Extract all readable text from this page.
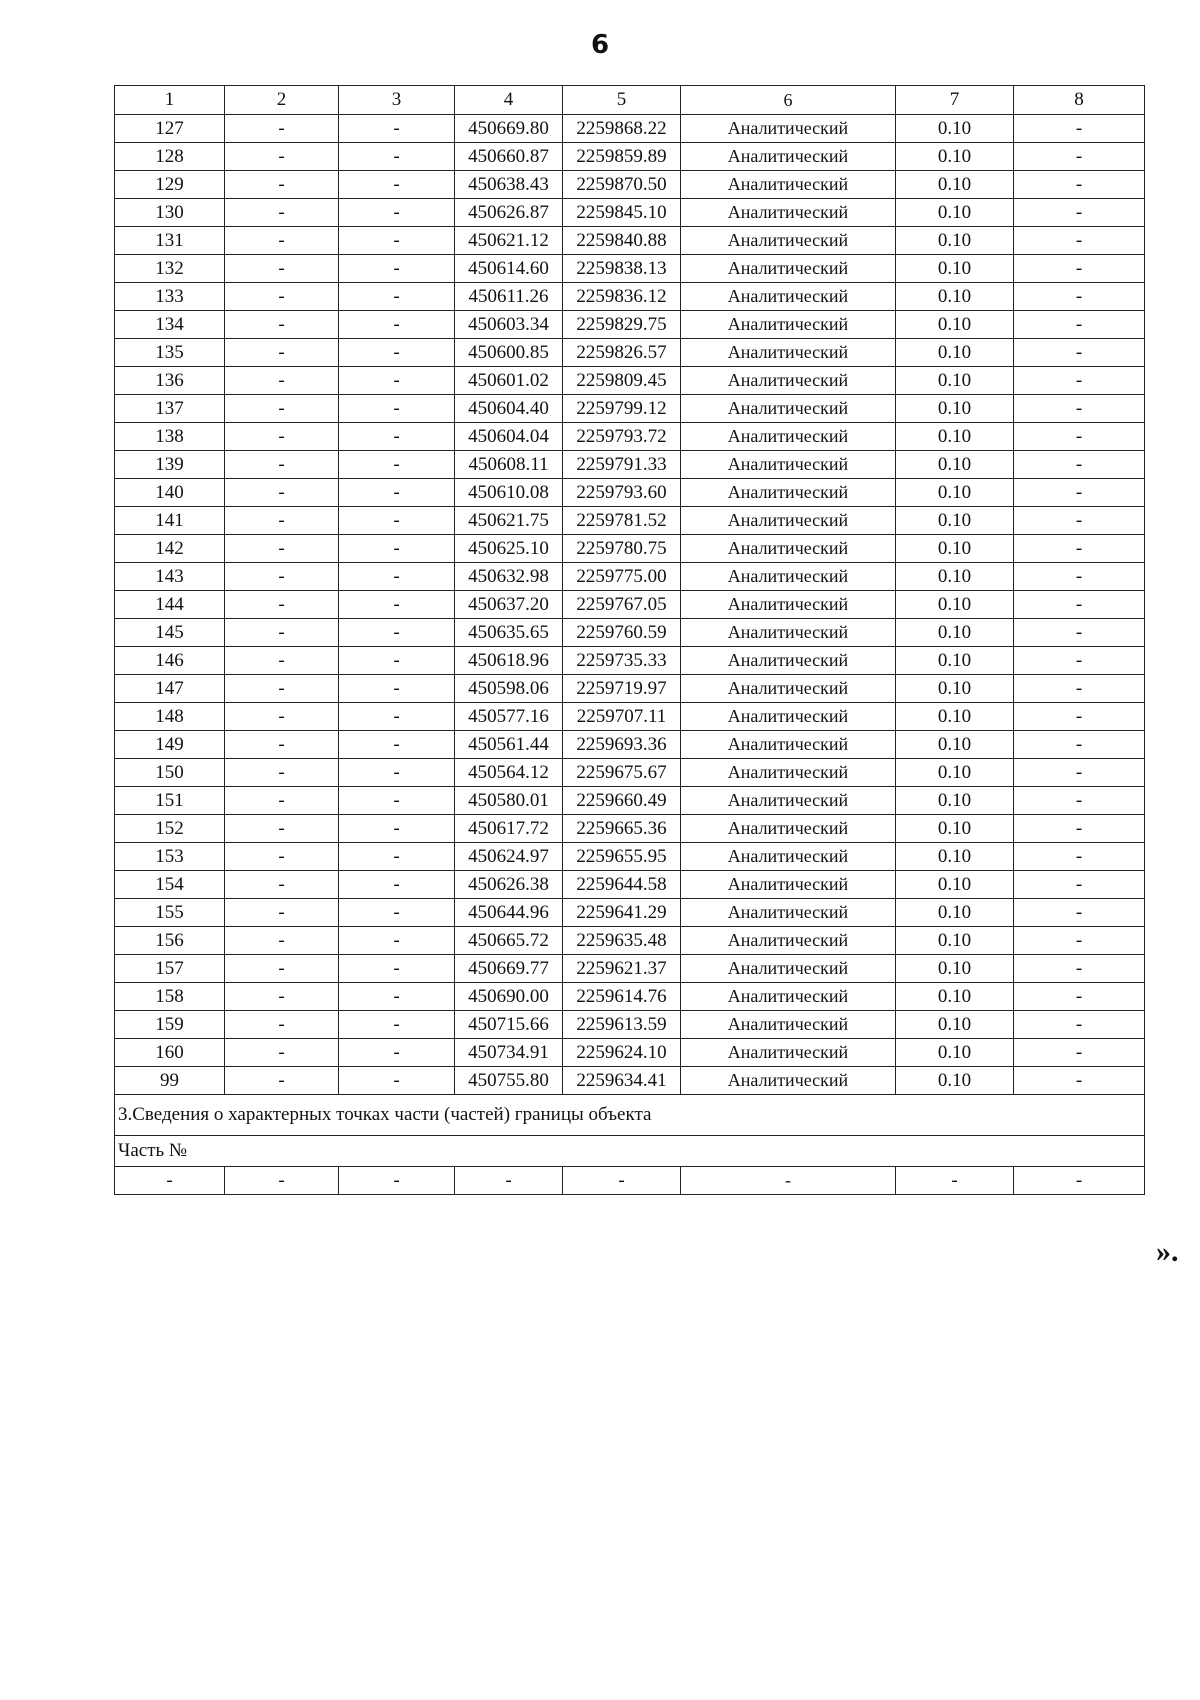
6
1	2	3	4	5	6	7	8
127	-	-	450669.80	2259868.22	Аналитический	0.10	-
128	-	-	450660.87	2259859.89	Аналитический	0.10	-
129	-	-	450638.43	2259870.50	Аналитический	0.10	-
130	-	-	450626.87	2259845.10	Аналитический	0.10	-
131	-	-	450621.12	2259840.88	Аналитический	0.10	-
132	-	-	450614.60	2259838.13	Аналитический	0.10	-
133	-	-	450611.26	2259836.12	Аналитический	0.10	-
134	-	-	450603.34	2259829.75	Аналитический	0.10	-
135	-	-	450600.85	2259826.57	Аналитический	0.10	-
136	-	-	450601.02	2259809.45	Аналитический	0.10	-
137	-	-	450604.40	2259799.12	Аналитический	0.10	-
138	-	-	450604.04	2259793.72	Аналитический	0.10	-
139	-	-	450608.11	2259791.33	Аналитический	0.10	-
140	-	-	450610.08	2259793.60	Аналитический	0.10	-
141	-	-	450621.75	2259781.52	Аналитический	0.10	-
142	-	-	450625.10	2259780.75	Аналитический	0.10	-
143	-	-	450632.98	2259775.00	Аналитический	0.10	-
144	-	-	450637.20	2259767.05	Аналитический	0.10	-
145	-	-	450635.65	2259760.59	Аналитический	0.10	-
146	-	-	450618.96	2259735.33	Аналитический	0.10	-
147	-	-	450598.06	2259719.97	Аналитический	0.10	-
148	-	-	450577.16	2259707.11	Аналитический	0.10	-
149	-	-	450561.44	2259693.36	Аналитический	0.10	-
150	-	-	450564.12	2259675.67	Аналитический	0.10	-
151	-	-	450580.01	2259660.49	Аналитический	0.10	-
152	-	-	450617.72	2259665.36	Аналитический	0.10	-
153	-	-	450624.97	2259655.95	Аналитический	0.10	-
154	-	-	450626.38	2259644.58	Аналитический	0.10	-
155	-	-	450644.96	2259641.29	Аналитический	0.10	-
156	-	-	450665.72	2259635.48	Аналитический	0.10	-
157	-	-	450669.77	2259621.37	Аналитический	0.10	-
158	-	-	450690.00	2259614.76	Аналитический	0.10	-
159	-	-	450715.66	2259613.59	Аналитический	0.10	-
160	-	-	450734.91	2259624.10	Аналитический	0.10	-
99	-	-	450755.80	2259634.41	Аналитический	0.10	-
3.Сведения о характерных точках части (частей) границы объекта							
Часть №							
-	-	-	-	-	-	-	-
».
